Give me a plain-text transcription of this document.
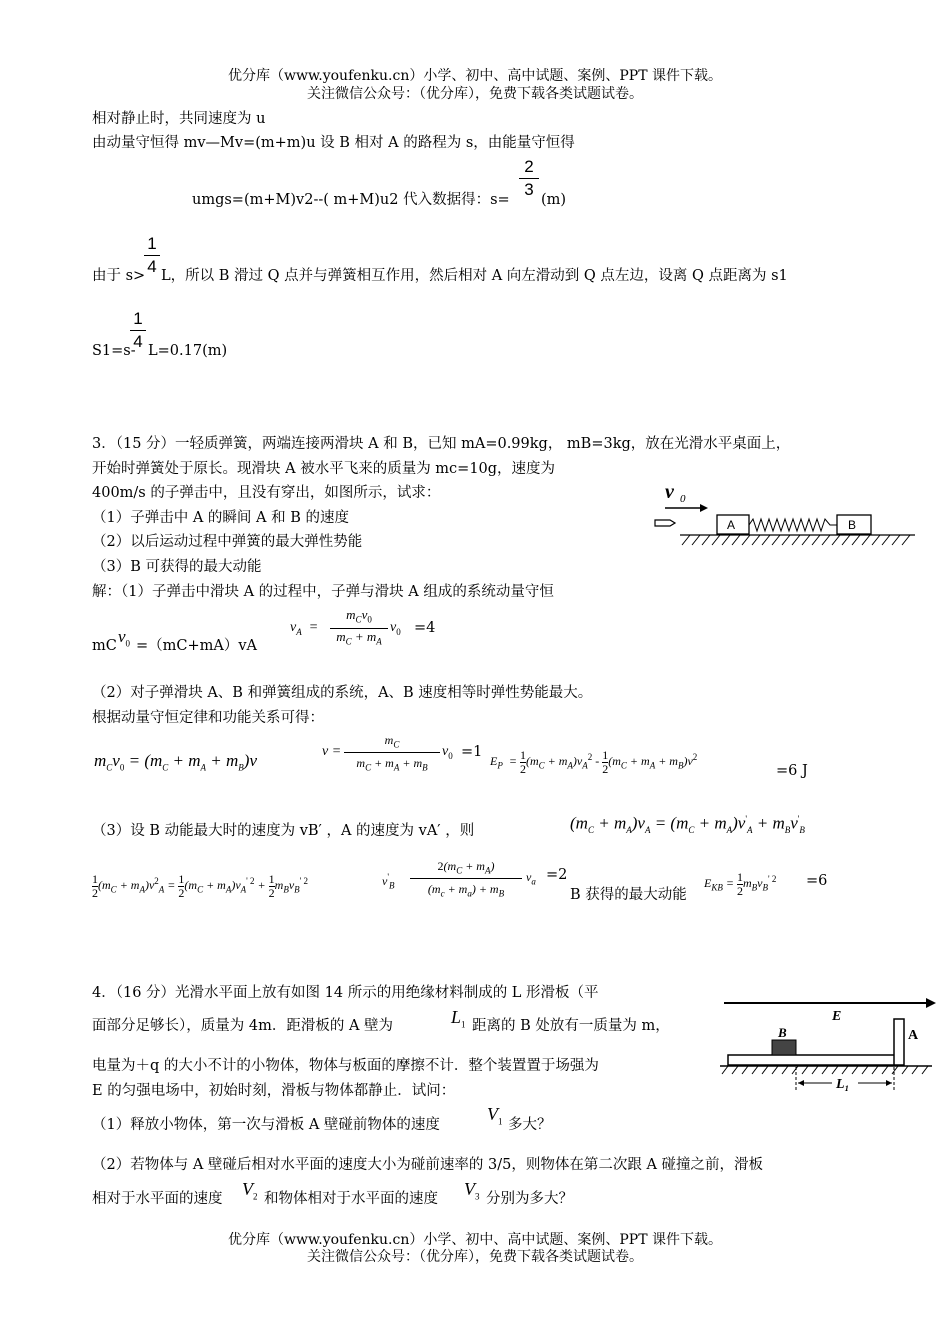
优分库（www.youfenku.cn）小学、初中、高中试题、案例、PPT 课件下载。
关注微信公众号：（优分库），免费下载各类试题试卷。
相对静止时，共同速度为 u
由动量守恒得 mv—Mv=(m+m)u 设 B 相对 A 的路程为 s，由能量守恒得
umgs=(m+M)v2--( m+M)u2 代入数据得：s=
2
3
(m)
1
4
由于 s> L，所以 B 滑过 Q 点并与弹簧相互作用，然后相对 A 向左滑动到 Q 点左边，设离 Q 点距离为 s1
1
4
S1=s- L=0.17(m)
3．（15 分）一轻质弹簧，两端连接两滑块 A 和 B，已知 mA=0.99kg， mB=3kg，放在光滑水平桌面上，
开始时弹簧处于原长。现滑块 A 被水平飞来的质量为 mc=10g，速度为
400m/s 的子弹击中，且没有穿出，如图所示，试求：
（1）子弹击中 A 的瞬间 A 和 B 的速度
（2）以后运动过程中弹簧的最大弹性势能
（3）B 可获得的最大动能
v 0
A	B
解：（1）子弹击中滑块 A 的过程中，子弹与滑块 A 组成的系统动量守恒
mC $v_0 =(mC+mA)vA$
$v_A$  =
$m_Cv_0$
$m_C + m_A$
$v_0 =4$
（2）对子弹滑块 A、B 和弹簧组成的系统，A、B 速度相等时弹性势能最大。
根据动量守恒定律和功能关系可得：
$m_Cv_0 = (m_C + m_A + m_B)v$	v =
$m_C$
$m_C + m_A + m_B$
$v_0 =1$
$E_P = 1$

2
$(m_C + m_A)v_A^2 - 1$

2
$(m_C + m_A + m_B)v^2$
=6 J
（3）设 B 动能最大时的速度为 vB′ ，A 的速度为 vA′ ，则	$(m_C + m_A)v_A = (m_C + m_A)v'_A + m_Bv'_B$
1

2
$(m_C + m_A)v^2_A = 1$

2
$(m_C + m_A)v_A^{' 2} + 1$

2
$m_Bv_B^{' 2}$	$v'_B$
$2(m_C + m_A)$
$(m_c + m_a) + m_B$
$v_a =2$
B 获得的最大动能
$E_{KB} = 1$

2
$m_Bv_B^{' 2} =6$
4．（16 分）光滑水平面上放有如图 14 所示的用绝缘材料制成的 L 形滑板（平
面部分足够长），质量为 4m．距滑板的 A 壁为	$L_1$ 距离的 B 处放有一质量为 m，
电量为＋q 的大小不计的小物体，物体与板面的摩擦不计．整个装置置于场强为
E 的匀强电场中，初始时刻，滑板与物体都静止．试问：
（1）释放小物体，第一次与滑板 A 壁碰前物体的速度
$V_1$ 多大？
（2）若物体与 A 壁碰后相对水平面的速度大小为碰前速率的 3/5，则物体在第二次跟 A 碰撞之前，滑板
相对于水平面的速度 $V_2$ 和物体相对于水平面的速度 $V_3$ 分别为多大？
E
A
B
L₁
优分库（www.youfenku.cn）小学、初中、高中试题、案例、PPT 课件下载。
关注微信公众号：（优分库），免费下载各类试题试卷。
